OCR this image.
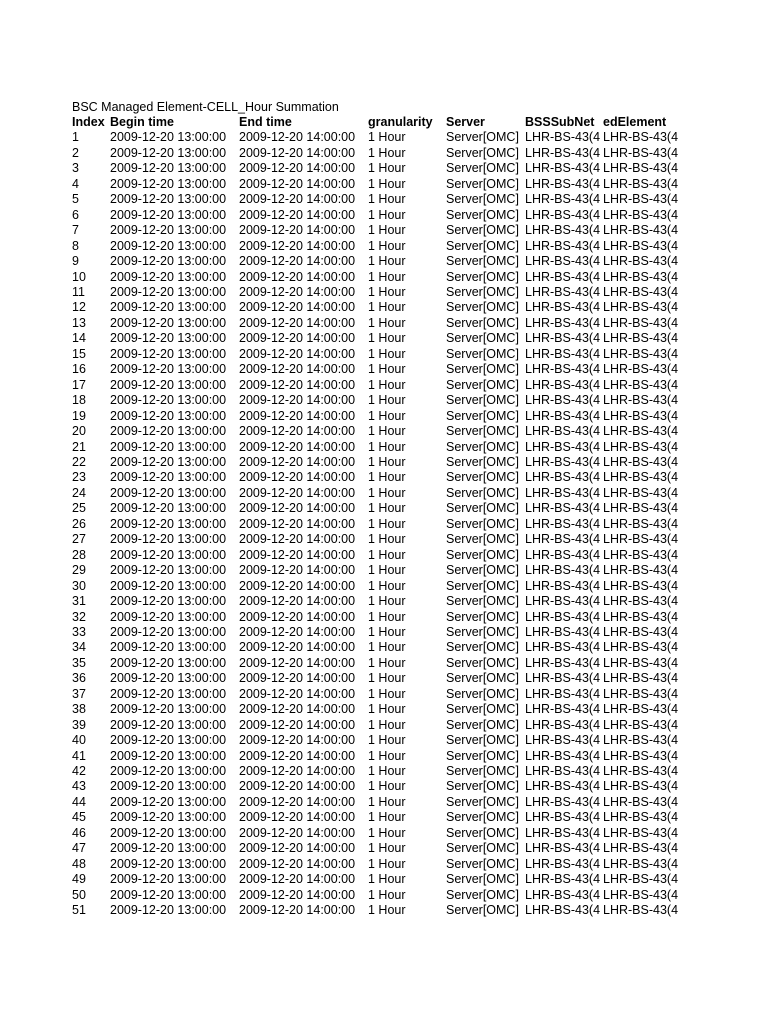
BSC Managed Element-CELL_Hour Summation
Index	Begin time	End time	granularity	Server	BSSSubNet	edElement
1	2009-12-20 13:00:00	2009-12-20 14:00:00	1 Hour	Server[OMC]	LHR-BS-43(4	LHR-BS-43(4
2	2009-12-20 13:00:00	2009-12-20 14:00:00	1 Hour	Server[OMC]	LHR-BS-43(4	LHR-BS-43(4
3	2009-12-20 13:00:00	2009-12-20 14:00:00	1 Hour	Server[OMC]	LHR-BS-43(4	LHR-BS-43(4
4	2009-12-20 13:00:00	2009-12-20 14:00:00	1 Hour	Server[OMC]	LHR-BS-43(4	LHR-BS-43(4
5	2009-12-20 13:00:00	2009-12-20 14:00:00	1 Hour	Server[OMC]	LHR-BS-43(4	LHR-BS-43(4
6	2009-12-20 13:00:00	2009-12-20 14:00:00	1 Hour	Server[OMC]	LHR-BS-43(4	LHR-BS-43(4
7	2009-12-20 13:00:00	2009-12-20 14:00:00	1 Hour	Server[OMC]	LHR-BS-43(4	LHR-BS-43(4
8	2009-12-20 13:00:00	2009-12-20 14:00:00	1 Hour	Server[OMC]	LHR-BS-43(4	LHR-BS-43(4
9	2009-12-20 13:00:00	2009-12-20 14:00:00	1 Hour	Server[OMC]	LHR-BS-43(4	LHR-BS-43(4
10	2009-12-20 13:00:00	2009-12-20 14:00:00	1 Hour	Server[OMC]	LHR-BS-43(4	LHR-BS-43(4
11	2009-12-20 13:00:00	2009-12-20 14:00:00	1 Hour	Server[OMC]	LHR-BS-43(4	LHR-BS-43(4
12	2009-12-20 13:00:00	2009-12-20 14:00:00	1 Hour	Server[OMC]	LHR-BS-43(4	LHR-BS-43(4
13	2009-12-20 13:00:00	2009-12-20 14:00:00	1 Hour	Server[OMC]	LHR-BS-43(4	LHR-BS-43(4
14	2009-12-20 13:00:00	2009-12-20 14:00:00	1 Hour	Server[OMC]	LHR-BS-43(4	LHR-BS-43(4
15	2009-12-20 13:00:00	2009-12-20 14:00:00	1 Hour	Server[OMC]	LHR-BS-43(4	LHR-BS-43(4
16	2009-12-20 13:00:00	2009-12-20 14:00:00	1 Hour	Server[OMC]	LHR-BS-43(4	LHR-BS-43(4
17	2009-12-20 13:00:00	2009-12-20 14:00:00	1 Hour	Server[OMC]	LHR-BS-43(4	LHR-BS-43(4
18	2009-12-20 13:00:00	2009-12-20 14:00:00	1 Hour	Server[OMC]	LHR-BS-43(4	LHR-BS-43(4
19	2009-12-20 13:00:00	2009-12-20 14:00:00	1 Hour	Server[OMC]	LHR-BS-43(4	LHR-BS-43(4
20	2009-12-20 13:00:00	2009-12-20 14:00:00	1 Hour	Server[OMC]	LHR-BS-43(4	LHR-BS-43(4
21	2009-12-20 13:00:00	2009-12-20 14:00:00	1 Hour	Server[OMC]	LHR-BS-43(4	LHR-BS-43(4
22	2009-12-20 13:00:00	2009-12-20 14:00:00	1 Hour	Server[OMC]	LHR-BS-43(4	LHR-BS-43(4
23	2009-12-20 13:00:00	2009-12-20 14:00:00	1 Hour	Server[OMC]	LHR-BS-43(4	LHR-BS-43(4
24	2009-12-20 13:00:00	2009-12-20 14:00:00	1 Hour	Server[OMC]	LHR-BS-43(4	LHR-BS-43(4
25	2009-12-20 13:00:00	2009-12-20 14:00:00	1 Hour	Server[OMC]	LHR-BS-43(4	LHR-BS-43(4
26	2009-12-20 13:00:00	2009-12-20 14:00:00	1 Hour	Server[OMC]	LHR-BS-43(4	LHR-BS-43(4
27	2009-12-20 13:00:00	2009-12-20 14:00:00	1 Hour	Server[OMC]	LHR-BS-43(4	LHR-BS-43(4
28	2009-12-20 13:00:00	2009-12-20 14:00:00	1 Hour	Server[OMC]	LHR-BS-43(4	LHR-BS-43(4
29	2009-12-20 13:00:00	2009-12-20 14:00:00	1 Hour	Server[OMC]	LHR-BS-43(4	LHR-BS-43(4
30	2009-12-20 13:00:00	2009-12-20 14:00:00	1 Hour	Server[OMC]	LHR-BS-43(4	LHR-BS-43(4
31	2009-12-20 13:00:00	2009-12-20 14:00:00	1 Hour	Server[OMC]	LHR-BS-43(4	LHR-BS-43(4
32	2009-12-20 13:00:00	2009-12-20 14:00:00	1 Hour	Server[OMC]	LHR-BS-43(4	LHR-BS-43(4
33	2009-12-20 13:00:00	2009-12-20 14:00:00	1 Hour	Server[OMC]	LHR-BS-43(4	LHR-BS-43(4
34	2009-12-20 13:00:00	2009-12-20 14:00:00	1 Hour	Server[OMC]	LHR-BS-43(4	LHR-BS-43(4
35	2009-12-20 13:00:00	2009-12-20 14:00:00	1 Hour	Server[OMC]	LHR-BS-43(4	LHR-BS-43(4
36	2009-12-20 13:00:00	2009-12-20 14:00:00	1 Hour	Server[OMC]	LHR-BS-43(4	LHR-BS-43(4
37	2009-12-20 13:00:00	2009-12-20 14:00:00	1 Hour	Server[OMC]	LHR-BS-43(4	LHR-BS-43(4
38	2009-12-20 13:00:00	2009-12-20 14:00:00	1 Hour	Server[OMC]	LHR-BS-43(4	LHR-BS-43(4
39	2009-12-20 13:00:00	2009-12-20 14:00:00	1 Hour	Server[OMC]	LHR-BS-43(4	LHR-BS-43(4
40	2009-12-20 13:00:00	2009-12-20 14:00:00	1 Hour	Server[OMC]	LHR-BS-43(4	LHR-BS-43(4
41	2009-12-20 13:00:00	2009-12-20 14:00:00	1 Hour	Server[OMC]	LHR-BS-43(4	LHR-BS-43(4
42	2009-12-20 13:00:00	2009-12-20 14:00:00	1 Hour	Server[OMC]	LHR-BS-43(4	LHR-BS-43(4
43	2009-12-20 13:00:00	2009-12-20 14:00:00	1 Hour	Server[OMC]	LHR-BS-43(4	LHR-BS-43(4
44	2009-12-20 13:00:00	2009-12-20 14:00:00	1 Hour	Server[OMC]	LHR-BS-43(4	LHR-BS-43(4
45	2009-12-20 13:00:00	2009-12-20 14:00:00	1 Hour	Server[OMC]	LHR-BS-43(4	LHR-BS-43(4
46	2009-12-20 13:00:00	2009-12-20 14:00:00	1 Hour	Server[OMC]	LHR-BS-43(4	LHR-BS-43(4
47	2009-12-20 13:00:00	2009-12-20 14:00:00	1 Hour	Server[OMC]	LHR-BS-43(4	LHR-BS-43(4
48	2009-12-20 13:00:00	2009-12-20 14:00:00	1 Hour	Server[OMC]	LHR-BS-43(4	LHR-BS-43(4
49	2009-12-20 13:00:00	2009-12-20 14:00:00	1 Hour	Server[OMC]	LHR-BS-43(4	LHR-BS-43(4
50	2009-12-20 13:00:00	2009-12-20 14:00:00	1 Hour	Server[OMC]	LHR-BS-43(4	LHR-BS-43(4
51	2009-12-20 13:00:00	2009-12-20 14:00:00	1 Hour	Server[OMC]	LHR-BS-43(4	LHR-BS-43(4
